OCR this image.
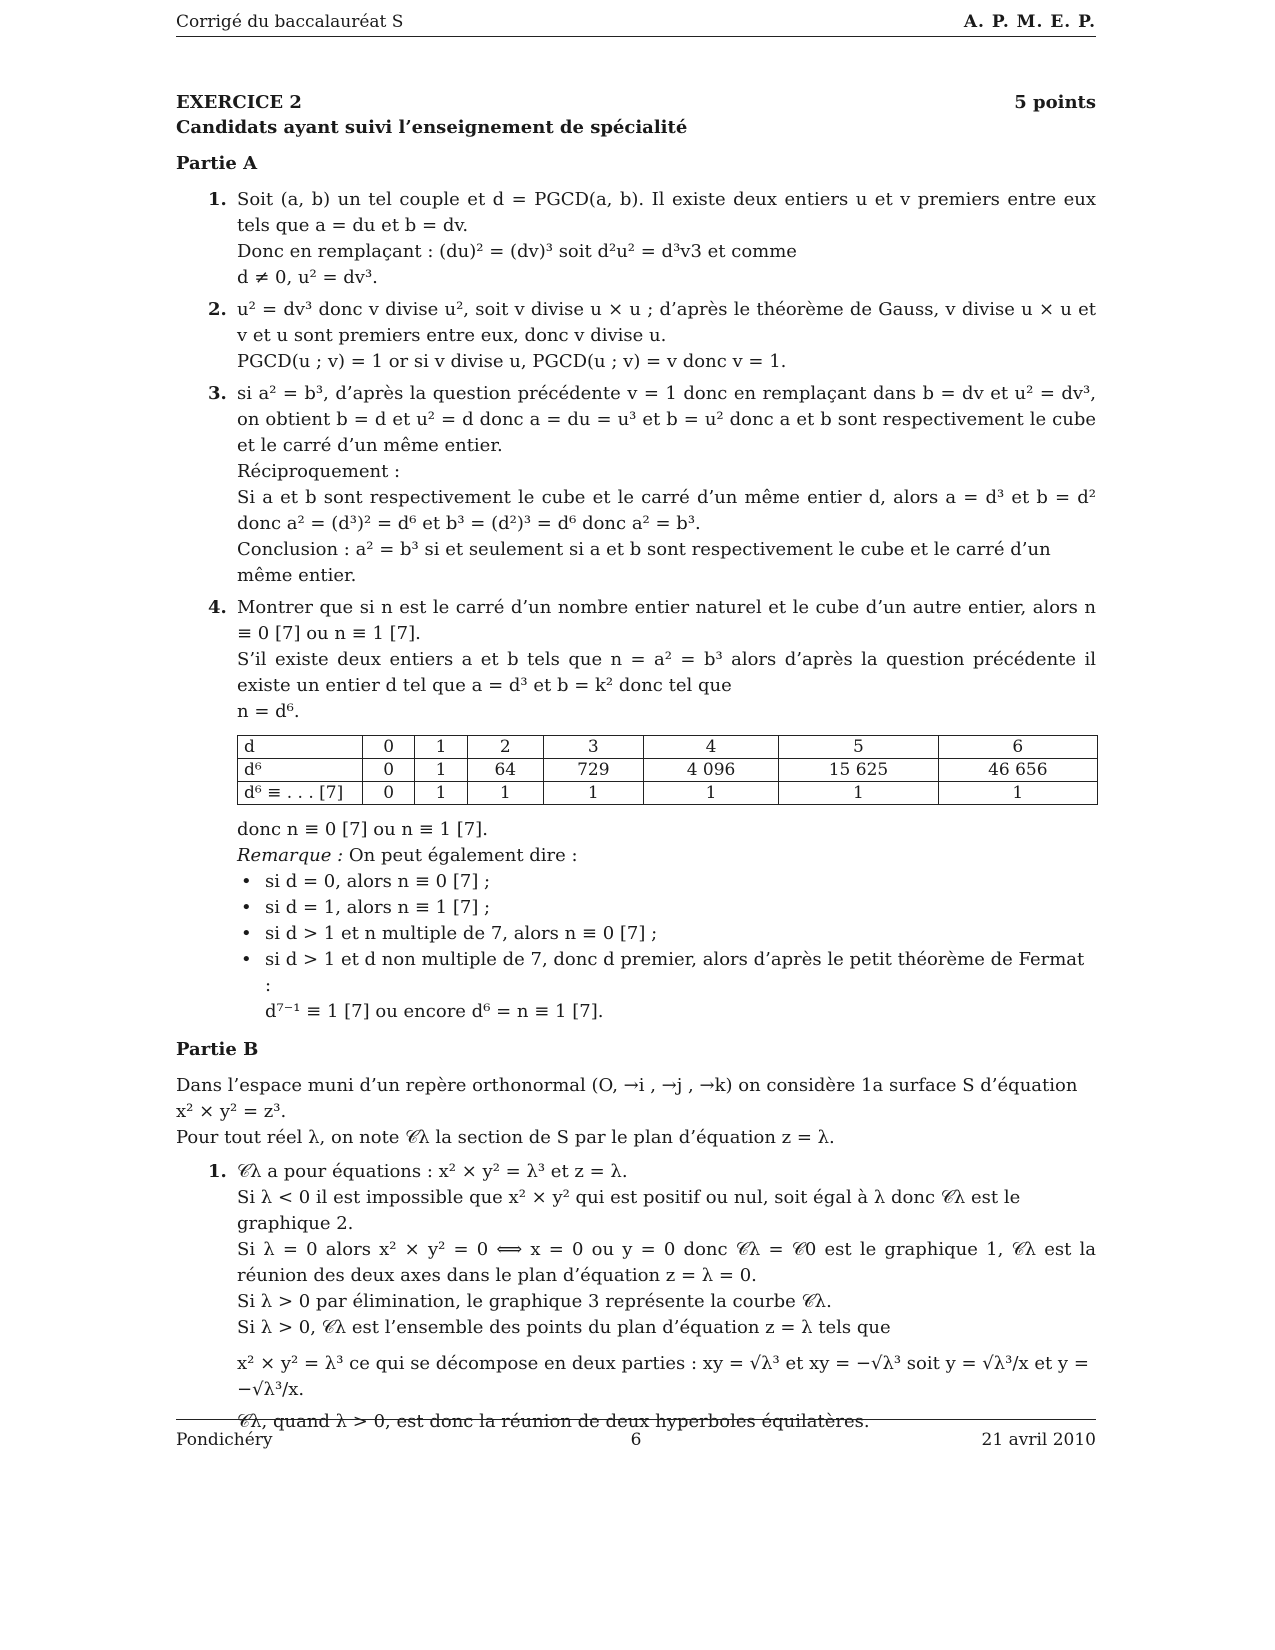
Corrigé du baccalauréat S	A. P. M. E. P.
EXERCICE 2	5 points
Candidats ayant suivi l’enseignement de spécialité
Partie A
1. Soit (a, b) un tel couple et d = PGCD(a, b). Il existe deux entiers u et v premiers entre eux tels que a = du et b = dv.
Donc en remplaçant : (du)² = (dv)³ soit d²u² = d³v3 et comme
d ≠ 0, u² = dv³.
2. u² = dv³ donc v divise u², soit v divise u × u ; d’après le théorème de Gauss, v divise u × u et v et u sont premiers entre eux, donc v divise u.
PGCD(u ; v) = 1 or si v divise u, PGCD(u ; v) = v donc v = 1.
3. si a² = b³, d’après la question précédente v = 1 donc en remplaçant dans b = dv et u² = dv³, on obtient b = d et u² = d donc a = du = u³ et b = u² donc a et b sont respectivement le cube et le carré d’un même entier.
Réciproquement :
Si a et b sont respectivement le cube et le carré d’un même entier d, alors a = d³ et b = d² donc a² = (d³)² = d⁶ et b³ = (d²)³ = d⁶ donc a² = b³.
Conclusion : a² = b³ si et seulement si a et b sont respectivement le cube et le carré d’un même entier.
4. Montrer que si n est le carré d’un nombre entier naturel et le cube d’un autre entier, alors n ≡ 0 [7] ou n ≡ 1 [7].
S’il existe deux entiers a et b tels que n = a² = b³ alors d’après la question précédente il existe un entier d tel que a = d³ et b = k² donc tel que
n = d⁶.
d	0	1	2	3	4	5	6
d⁶	0	1	64	729	4 096	15 625	46 656
d⁶ ≡ . . . [7]	0	1	1	1	1	1	1
donc n ≡ 0 [7] ou n ≡ 1 [7].
Remarque : On peut également dire :
• si d = 0, alors n ≡ 0 [7] ;
• si d = 1, alors n ≡ 1 [7] ;
• si d > 1 et n multiple de 7, alors n ≡ 0 [7] ;
• si d > 1 et d non multiple de 7, donc d premier, alors d’après le petit théorème de Fermat :
d⁷⁻¹ ≡ 1 [7] ou encore d⁶ = n ≡ 1 [7].
Partie B
Dans l’espace muni d’un repère orthonormal (O, →i , →j , →k) on considère 1a surface S d’équation
x² × y² = z³.
Pour tout réel λ, on note 𝒞λ la section de S par le plan d’équation z = λ.
1. 𝒞λ a pour équations : x² × y² = λ³ et z = λ.
Si λ < 0 il est impossible que x² × y² qui est positif ou nul, soit égal à λ donc 𝒞λ est le graphique 2.
Si λ = 0 alors x² × y² = 0 ⟺ x = 0 ou y = 0 donc 𝒞λ = 𝒞0 est le graphique 1, 𝒞λ est la réunion des deux axes dans le plan d’équation z = λ = 0.
Si λ > 0 par élimination, le graphique 3 représente la courbe 𝒞λ.
Si λ > 0, 𝒞λ est l’ensemble des points du plan d’équation z = λ tels que
x² × y² = λ³ ce qui se décompose en deux parties : xy = √λ³ et xy = −√λ³ soit y = √λ³/x et y = −√λ³/x.
𝒞λ, quand λ > 0, est donc la réunion de deux hyperboles équilatères.
Pondichéry	6	21 avril 2010
